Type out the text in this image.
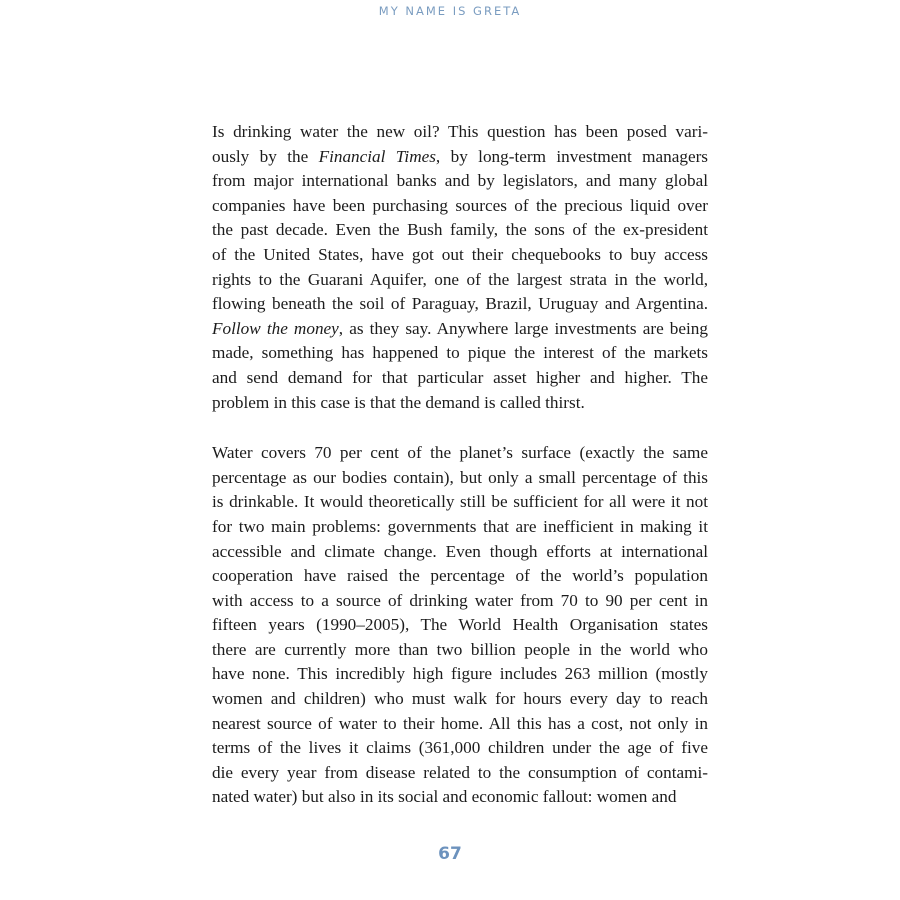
MY NAME IS GRETA
Is drinking water the new oil? This question has been posed vari-
ously by the Financial Times, by long-term investment managers
from major international banks and by legislators, and many global
companies have been purchasing sources of the precious liquid over
the past decade. Even the Bush family, the sons of the ex-president
of the United States, have got out their chequebooks to buy access
rights to the Guarani Aquifer, one of the largest strata in the world,
flowing beneath the soil of Paraguay, Brazil, Uruguay and Argentina.
Follow the money, as they say. Anywhere large investments are being
made, something has happened to pique the interest of the markets
and send demand for that particular asset higher and higher. The
problem in this case is that the demand is called thirst.
Water covers 70 per cent of the planet’s surface (exactly the same
percentage as our bodies contain), but only a small percentage of this
is drinkable. It would theoretically still be sufficient for all were it not
for two main problems: governments that are inefficient in making it
accessible and climate change. Even though efforts at international
cooperation have raised the percentage of the world’s population
with access to a source of drinking water from 70 to 90 per cent in
fifteen years (1990–2005), The World Health Organisation states
there are currently more than two billion people in the world who
have none. This incredibly high figure includes 263 million (mostly
women and children) who must walk for hours every day to reach
nearest source of water to their home. All this has a cost, not only in
terms of the lives it claims (361,000 children under the age of five
die every year from disease related to the consumption of contami-
nated water) but also in its social and economic fallout: women and
67
